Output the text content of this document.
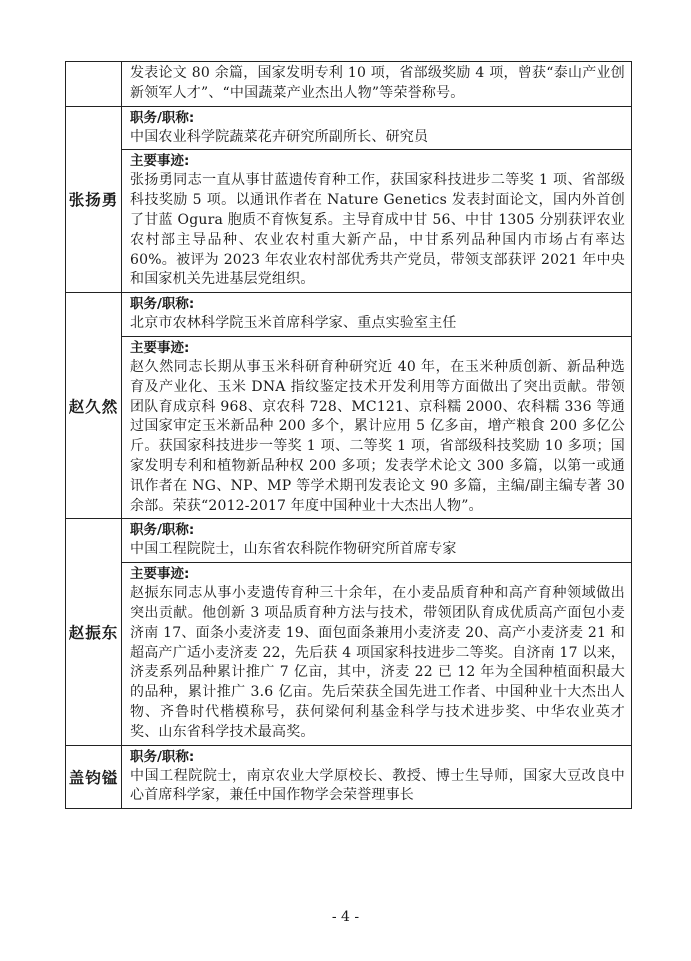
	发表论文 80 余篇，国家发明专利 10 项，省部级奖励 4 项，曾获“泰山产业创新领军人才”、“中国蔬菜产业杰出人物”等荣誉称号。

张扬勇	职务/职称:

中国农业科学院蔬菜花卉研究所副所长、研究员

	主要事迹:

张扬勇同志一直从事甘蓝遗传育种工作，获国家科技进步二等奖 1 项、省部级科技奖励 5 项。以通讯作者在 Nature Genetics 发表封面论文，国内外首创了甘蓝 Ogura 胞质不育恢复系。主导育成中甘 56、中甘 1305 分别获评农业农村部主导品种、农业农村重大新产品，中甘系列品种国内市场占有率达 60%。被评为 2023 年农业农村部优秀共产党员，带领支部获评 2021 年中央和国家机关先进基层党组织。

赵久然	职务/职称:

北京市农林科学院玉米首席科学家、重点实验室主任

	主要事迹:

赵久然同志长期从事玉米科研育种研究近 40 年，在玉米种质创新、新品种选育及产业化、玉米 DNA 指纹鉴定技术开发利用等方面做出了突出贡献。带领团队育成京科 968、京农科 728、MC121、京科糯 2000、农科糯 336 等通过国家审定玉米新品种 200 多个，累计应用 5 亿多亩，增产粮食 200 多亿公斤。获国家科技进步一等奖 1 项、二等奖 1 项，省部级科技奖励 10 多项；国家发明专利和植物新品种权 200 多项；发表学术论文 300 多篇，以第一或通讯作者在 NG、NP、MP 等学术期刊发表论文 90 多篇，主编/副主编专著 30 余部。荣获“2012-2017 年度中国种业十大杰出人物”。

赵振东	职务/职称:

中国工程院院士，山东省农科院作物研究所首席专家

	主要事迹:

赵振东同志从事小麦遗传育种三十余年，在小麦品质育种和高产育种领域做出突出贡献。他创新 3 项品质育种方法与技术，带领团队育成优质高产面包小麦济南 17、面条小麦济麦 19、面包面条兼用小麦济麦 20、高产小麦济麦 21 和超高产广适小麦济麦 22，先后获 4 项国家科技进步二等奖。自济南 17 以来，济麦系列品种累计推广 7 亿亩，其中，济麦 22 已 12 年为全国种植面积最大的品种，累计推广 3.6 亿亩。先后荣获全国先进工作者、中国种业十大杰出人物、齐鲁时代楷模称号，获何梁何利基金科学与技术进步奖、中华农业英才奖、山东省科学技术最高奖。

盖钧镒	职务/职称:

中国工程院院士，南京农业大学原校长、教授、博士生导师，国家大豆改良中心首席科学家，兼任中国作物学会荣誉理事长

- 4 -
